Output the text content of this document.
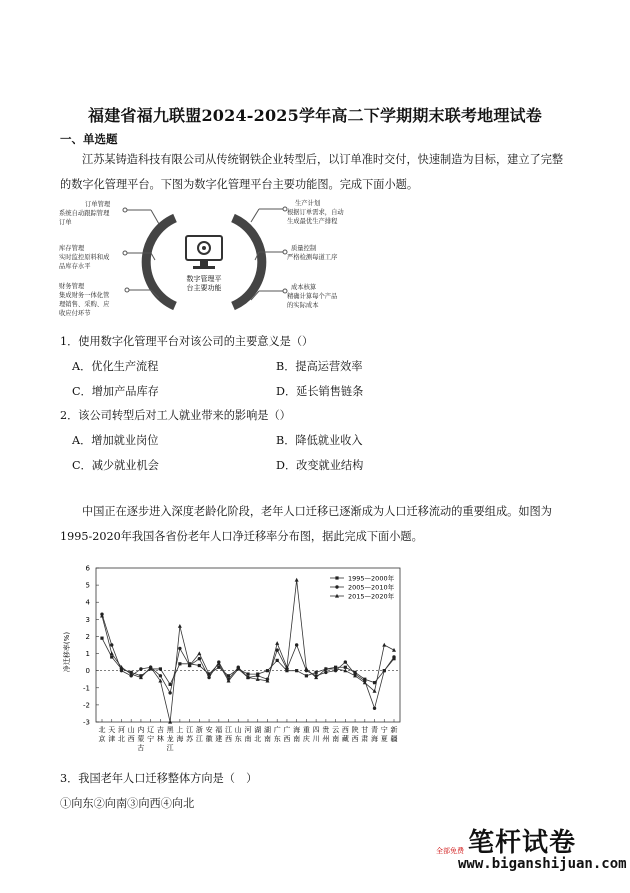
福建省福九联盟2024-2025学年高二下学期期末联考地理试卷
一、单选题
江苏某铸造科技有限公司从传统钢铁企业转型后，以订单准时交付，快速制造为目标，建立了完整
的数字化管理平台。下图为数字化管理平台主要功能图。完成下面小题。
数字管理平
台主要功能
订单管理
系统自动跟踪管理
订单
库存管理
实时监控原料和成
品库存水平
财务管理
集成财务一体化管
理销售、采购、应
收应付环节
生产计划
根据订单需求，自动
生成最优生产排程
质量控制
严格检测每道工序
成本核算
精确计算每个产品
的实际成本
1．使用数字化管理平台对该公司的主要意义是（）
A．优化生产流程	B．提高运营效率
C．增加产品库存	D．延长销售链条
2．该公司转型后对工人就业带来的影响是（）
A．增加就业岗位	B．降低就业收入
C．减少就业机会	D．改变就业结构
中国正在逐步进入深度老龄化阶段，老年人口迁移已逐渐成为人口迁移流动的重要组成。如图为
1995-2020年我国各省份老年人口净迁移率分布图，据此完成下面小题。
-3
-2
-1
0
1
2
3
4
5
6
北
京
天
津
河
北
山
西
内
蒙
古
辽
宁
吉
林
黑
龙
江
上
海
江
苏
浙
江
安
徽
福
建
江
西
山
东
河
南
湖
北
湖
南
广
东
广
西
海
南
重
庆
四
川
贵
州
云
南
西
藏
陕
西
甘
肃
青
海
宁
夏
新
疆
1995—2000年
2005—2010年
2015—2020年
净迁移率(%)
3．我国老年人口迁移整体方向是（　）
①向东②向南③向西④向北
笔杆试卷
全部免费
www.biganshijuan.com
